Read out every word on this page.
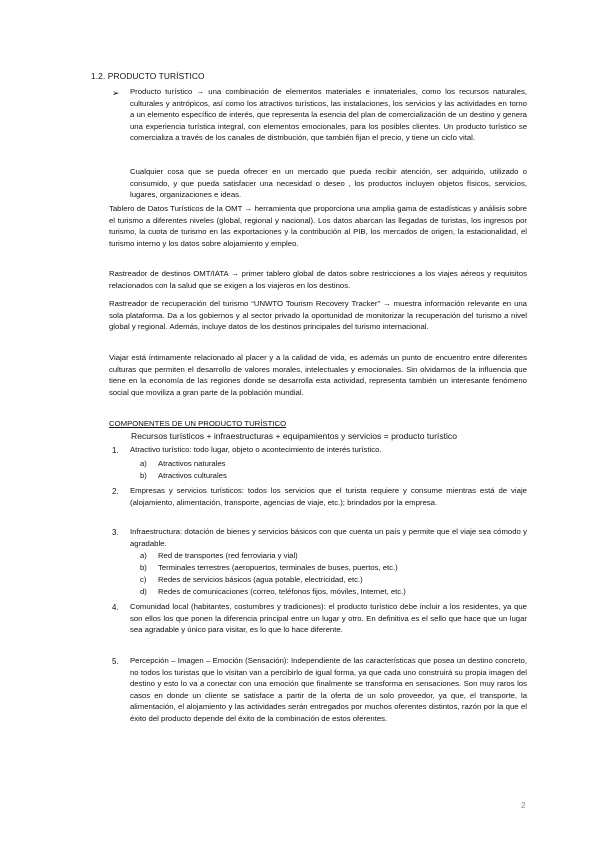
1.2. PRODUCTO TURÍSTICO
➢ Producto turístico → una combinación de elementos materiales e inmateriales, como los recursos naturales, culturales y antrópicos, así como los atractivos turísticos, las instalaciones, los servicios y las actividades en torno a un elemento específico de interés, que representa la esencia del plan de comercialización de un destino y genera una experiencia turística integral, con elementos emocionales, para los posibles clientes. Un producto turístico se comercializa a través de los canales de distribución, que también fijan el precio, y tiene un ciclo vital.

Cualquier cosa que se pueda ofrecer en un mercado que pueda recibir atención, ser adquirido, utilizado o consumido, y que pueda satisfacer una necesidad o deseo , los productos incluyen objetos físicos, servicios, lugares, organizaciones e ideas.

Tablero de Datos Turísticos de la OMT → herramienta que proporciona una amplia gama de estadísticas y análisis sobre el turismo a diferentes niveles (global, regional y nacional). Los datos abarcan las llegadas de turistas, los ingresos por turismo, la cuota de turismo en las exportaciones y la contribución al PIB, los mercados de origen, la estacionalidad, el turismo interno y los datos sobre alojamiento y empleo.

Rastreador de destinos OMT/IATA → primer tablero global de datos sobre restricciones a los viajes aéreos y requisitos relacionados con la salud que se exigen a los viajeros en los destinos.

Rastreador de recuperación del turismo “UNWTO Tourism Recovery Tracker” → muestra información relevante en una sola plataforma. Da a los gobiernos y al sector privado la oportunidad de monitorizar la recuperación del turismo a nivel global y regional. Además, incluye datos de los destinos principales del turismo internacional.

Viajar está íntimamente relacionado al placer y a la calidad de vida, es además un punto de encuentro entre diferentes culturas que permiten el desarrollo de valores morales, intelectuales y emocionales. Sin olvidarnos de la influencia que tiene en la economía de las regiones donde se desarrolla esta actividad, representa también un interesante fenómeno social que moviliza a gran parte de la población mundial.

COMPONENTES DE UN PRODUCTO TURÍSTICO
Recursos turísticos + infraestructuras + equipamientos y servicios = producto turístico
1. Atractivo turístico: todo lugar, objeto o acontecimiento de interés turístico.

a) Atractivos naturales
b) Atractivos culturales
2. Empresas y servicios turísticos: todos los servicios que el turista requiere y consume mientras está de viaje (alojamiento, alimentación, transporte, agencias de viaje, etc.); brindados por la empresa.

3. Infraestructura: dotación de bienes y servicios básicos con que cuenta un país y permite que el viaje sea cómodo y agradable.

a) Red de transportes (red ferroviaria y vial)
b) Terminales terrestres (aeropuertos, terminales de buses, puertos, etc.)
c) Redes de servicios básicos (agua potable, electricidad, etc.)
d) Redes de comunicaciones (correo, teléfonos fijos, móviles, Internet, etc.)
4. Comunidad local (habitantes, costumbres y tradiciones): el producto turístico debe incluir a los residentes, ya que son ellos los que ponen la diferencia principal entre un lugar y otro. En definitiva es el sello que hace que un lugar sea agradable y único para visitar, es lo que lo hace diferente.

5. Percepción – Imagen – Emoción (Sensación): Independiente de las características que posea un destino concreto, no todos los turistas que lo visitan van a percibirlo de igual forma, ya que cada uno construirá su propia imagen del destino y esto lo va a conectar con una emoción que finalmente se transforma en sensaciones. Son muy raros los casos en donde un cliente se satisface a partir de la oferta de un solo proveedor, ya que, el transporte, la alimentación, el alojamiento y las actividades serán entregados por muchos oferentes distintos, razón por la que el éxito del producto depende del éxito de la combinación de estos oferentes.

2
